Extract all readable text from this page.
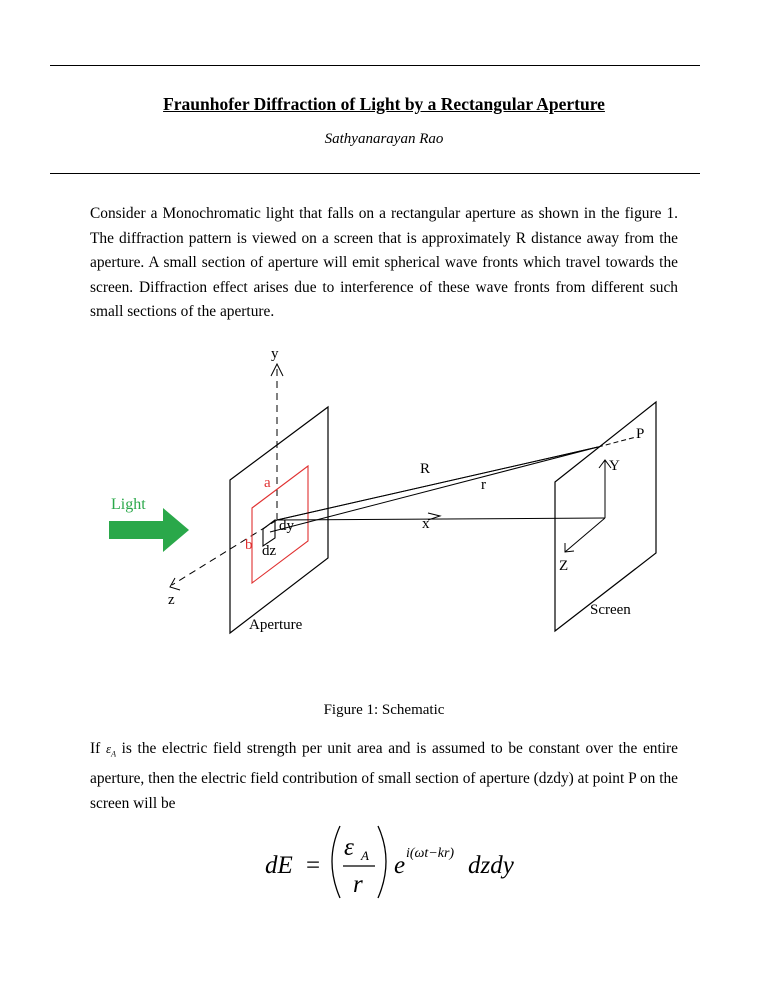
Fraunhofer Diffraction of Light by a Rectangular Aperture
Sathyanarayan Rao

Consider a Monochromatic light that falls on a rectangular aperture as shown in the figure 1. The diffraction pattern is viewed on a screen that is approximately R distance away from the aperture. A small section of aperture will emit spherical wave fronts which travel towards the screen. Diffraction effect arises due to interference of these wave fronts from different such small sections of the aperture.

y
z
x
Light
a
b
dy
dz
R
r
P
Y
Z
Aperture
Screen
Figure 1: Schematic

If $\varepsilon_A$ is the electric field strength per unit area and is assumed to be constant over the entire aperture, then the electric field contribution of small section of aperture (dzdy) at point P on the screen will be

dE =
ε A
r
e i(ωt−kr) dzdy
